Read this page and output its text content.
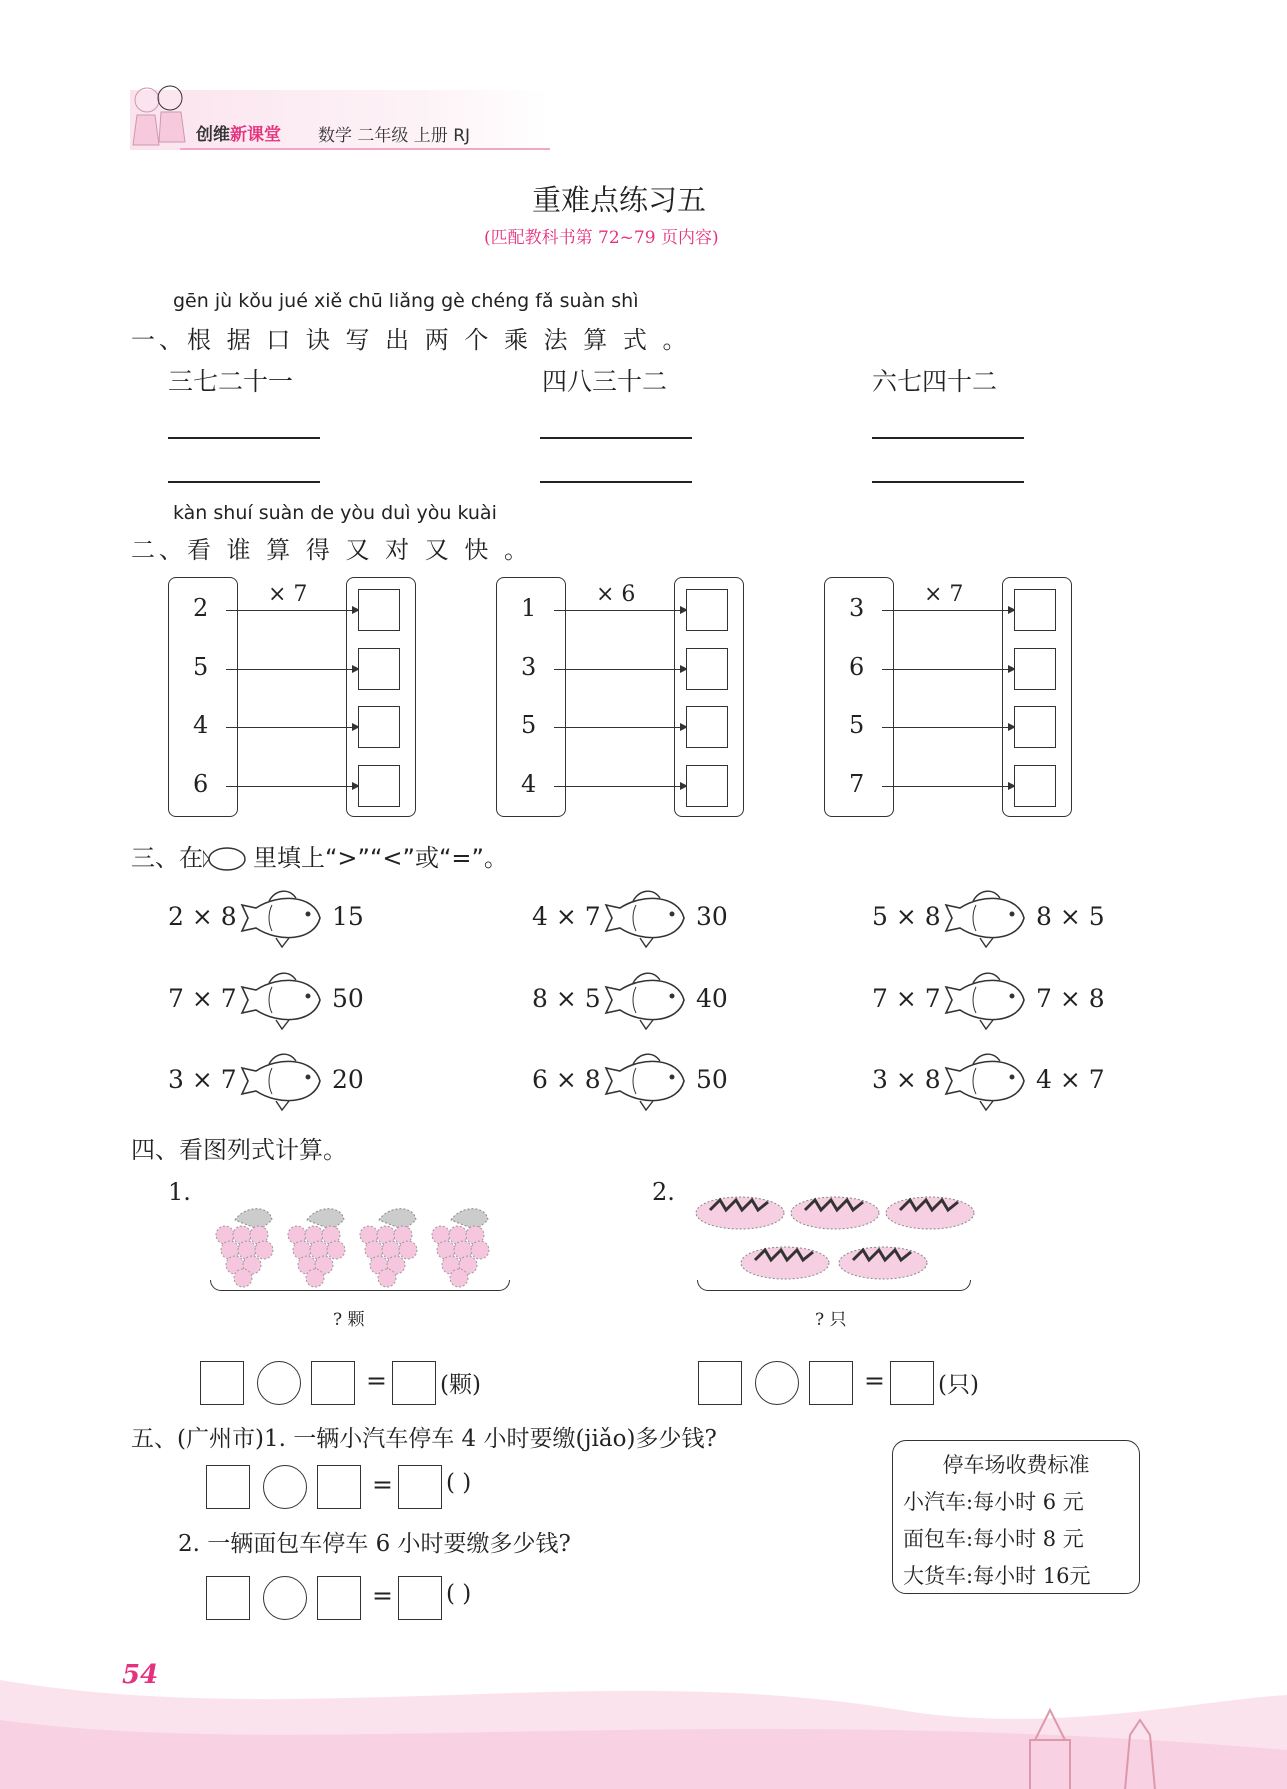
创维新课堂 数学 二年级 上册 RJ
重难点练习五
(匹配教科书第 72~79 页内容)
gēn jù kǒu jué xiě chū liǎng gè chéng fǎ suàn shì
一、根 据 口 诀 写 出 两 个 乘 法 算 式 。
三七二十一	四八三十二	六七四十二
kàn shuí suàn de yòu duì yòu kuài
二、看 谁 算 得 又 对 又 快 。
三、在 里填上“>”“<”或“=”。
四、看图列式计算。
1.	2.
? 颗	? 只
五、(广州市)1. 一辆小汽车停车 4 小时要缴(jiǎo)多少钱?
2. 一辆面包车停车 6 小时要缴多少钱?
停车场收费标准
小汽车:每小时 6 元
面包车:每小时 8 元
大货车:每小时 16元
54
× 7
2
5
4
6
× 6
1
3
5
4
× 7
3
6
5
7
2 × 8	15	4 × 7	30	5 × 8	8 × 5
7 × 7	50	8 × 5	40	7 × 7	7 × 8
3 × 7	20	6 × 8	50	3 × 8	4 × 7
= (颗)	= (只)
= ( )
= ( )
